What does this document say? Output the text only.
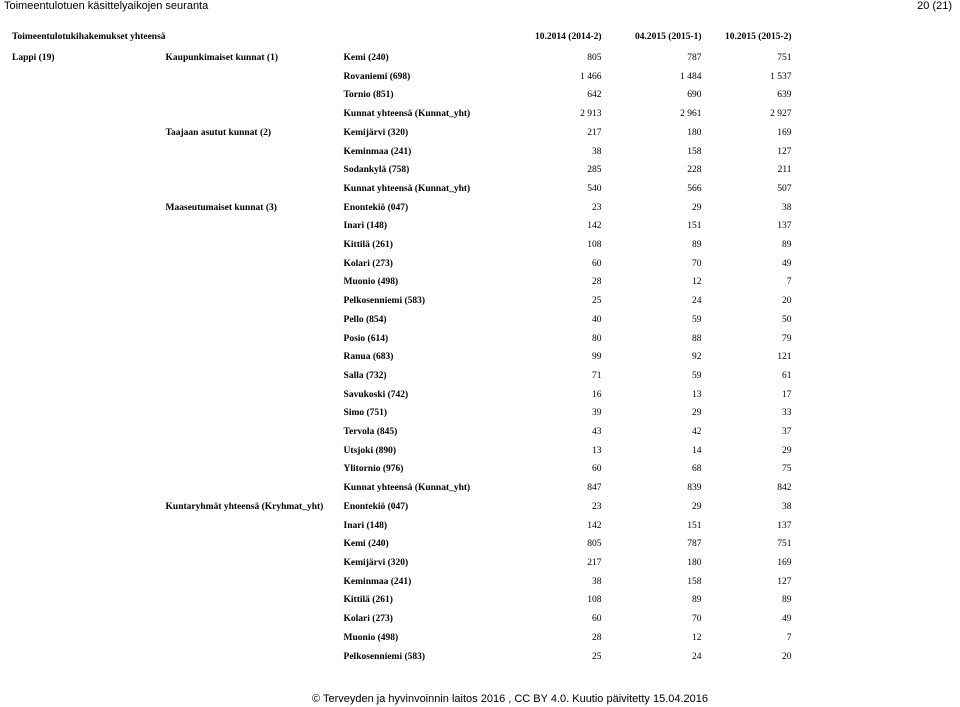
Toimeentulotuen käsittelyaikojen seuranta	20 (21)
Toimeentulotukihakemukset yhteensä			10.2014 (2014-2)	04.2015 (2015-1)	10.2015 (2015-2)

Lappi (19)	Kaupunkimaiset kunnat (1)	Kemi (240)	805	787	751
		Rovaniemi (698)	1 466	1 484	1 537
		Tornio (851)	642	690	639
		Kunnat yhteensä (Kunnat_yht)	2 913	2 961	2 927
	Taajaan asutut kunnat (2)	Kemijärvi (320)	217	180	169
		Keminmaa (241)	38	158	127
		Sodankylä (758)	285	228	211
		Kunnat yhteensä (Kunnat_yht)	540	566	507
	Maaseutumaiset kunnat (3)	Enontekiö (047)	23	29	38
		Inari (148)	142	151	137
		Kittilä (261)	108	89	89
		Kolari (273)	60	70	49
		Muonio (498)	28	12	7
		Pelkosenniemi (583)	25	24	20
		Pello (854)	40	59	50
		Posio (614)	80	88	79
		Ranua (683)	99	92	121
		Salla (732)	71	59	61
		Savukoski (742)	16	13	17
		Simo (751)	39	29	33
		Tervola (845)	43	42	37
		Utsjoki (890)	13	14	29
		Ylitornio (976)	60	68	75
		Kunnat yhteensä (Kunnat_yht)	847	839	842
	Kuntaryhmät yhteensä (Kryhmat_yht)	Enontekiö (047)	23	29	38
		Inari (148)	142	151	137
		Kemi (240)	805	787	751
		Kemijärvi (320)	217	180	169
		Keminmaa (241)	38	158	127
		Kittilä (261)	108	89	89
		Kolari (273)	60	70	49
		Muonio (498)	28	12	7
		Pelkosenniemi (583)	25	24	20
© Terveyden ja hyvinvoinnin laitos 2016 , CC BY 4.0. Kuutio päivitetty 15.04.2016
